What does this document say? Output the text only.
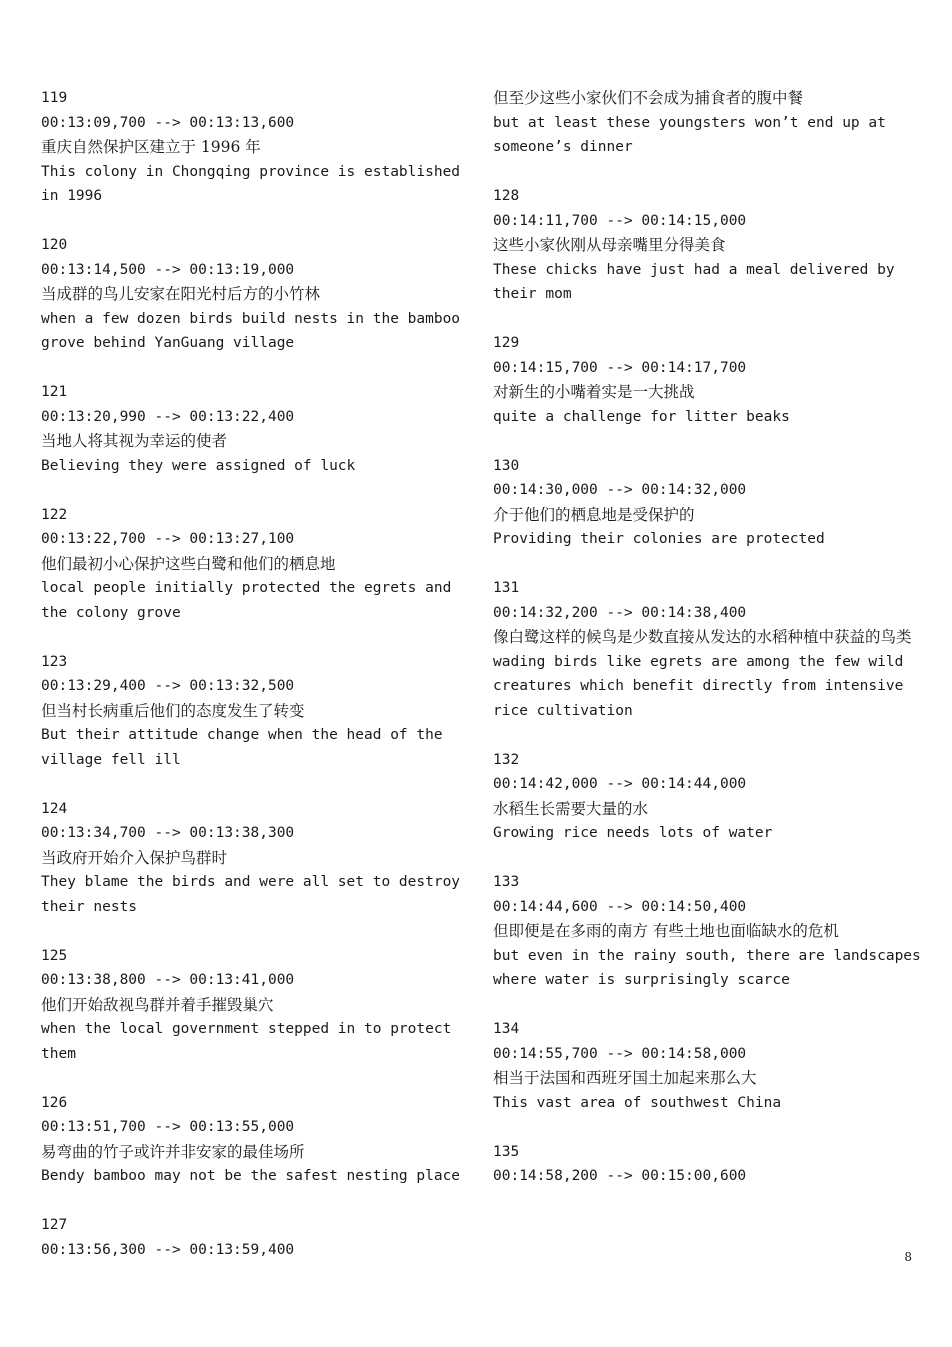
119
00:13:09,700 --> 00:13:13,600
重庆自然保护区建立于 1996 年
This colony in Chongqing province is established in 1996
120
00:13:14,500 --> 00:13:19,000
当成群的鸟儿安家在阳光村后方的小竹林
when a few dozen birds build nests in the bamboo grove behind YanGuang village
121
00:13:20,990 --> 00:13:22,400
当地人将其视为幸运的使者
Believing they were assigned of luck
122
00:13:22,700 --> 00:13:27,100
他们最初小心保护这些白鹭和他们的栖息地
local people initially protected the egrets and the colony grove
123
00:13:29,400 --> 00:13:32,500
但当村长病重后他们的态度发生了转变
But their attitude change when the head of the village fell ill
124
00:13:34,700 --> 00:13:38,300
当政府开始介入保护鸟群时
They blame the birds and were all set to destroy their nests
125
00:13:38,800 --> 00:13:41,000
他们开始敌视鸟群并着手摧毁巢穴
when the local government stepped in to protect them
126
00:13:51,700 --> 00:13:55,000
易弯曲的竹子或许并非安家的最佳场所
Bendy bamboo may not be the safest nesting place
127
00:13:56,300 --> 00:13:59,400
但至少这些小家伙们不会成为捕食者的腹中餐
but at least these youngsters won’t end up at someone’s dinner
128
00:14:11,700 --> 00:14:15,000
这些小家伙刚从母亲嘴里分得美食
These chicks have just had a meal delivered by their mom
129
00:14:15,700 --> 00:14:17,700
对新生的小嘴着实是一大挑战
quite a challenge for litter beaks
130
00:14:30,000 --> 00:14:32,000
介于他们的栖息地是受保护的
Providing their colonies are protected
131
00:14:32,200 --> 00:14:38,400
像白鹭这样的候鸟是少数直接从发达的水稻种植中获益的鸟类
wading birds like egrets are among the few wild creatures which benefit directly from intensive rice cultivation
132
00:14:42,000 --> 00:14:44,000
水稻生长需要大量的水
Growing rice needs lots of water
133
00:14:44,600 --> 00:14:50,400
但即便是在多雨的南方 有些土地也面临缺水的危机
but even in the rainy south, there are landscapes where water is surprisingly scarce
134
00:14:55,700 --> 00:14:58,000
相当于法国和西班牙国土加起来那么大
This vast area of southwest China
135
00:14:58,200 --> 00:15:00,600
8
